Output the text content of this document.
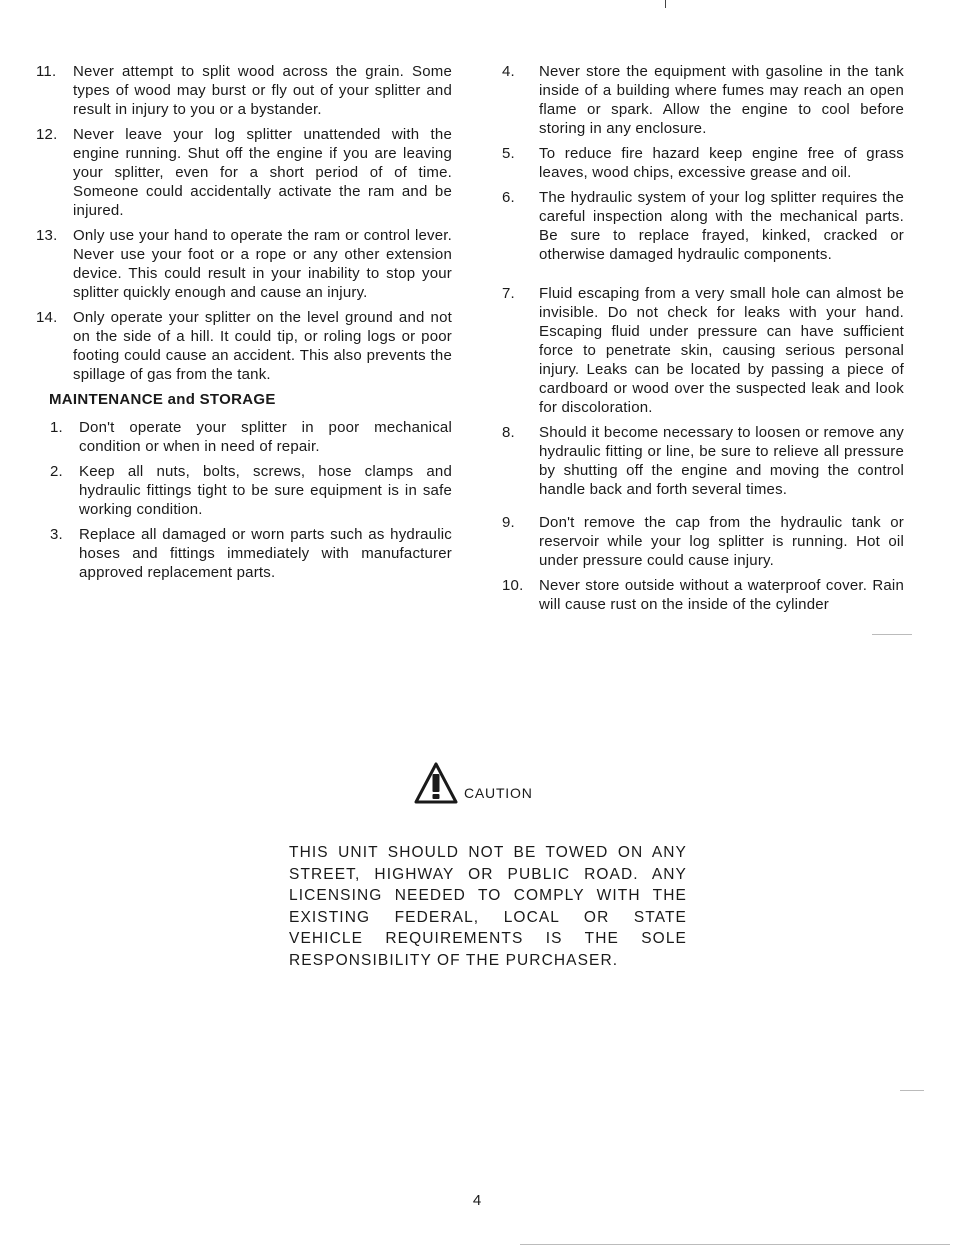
11.	Never attempt to split wood across the grain. Some types of wood may burst or fly out of your splitter and result in injury to you or a bystander.
12.	Never leave your log splitter unattended with the engine running. Shut off the engine if you are leaving your splitter, even for a short period of of time. Someone could accidentally activate the ram and be injured.
13.	Only use your hand to operate the ram or control lever. Never use your foot or a rope or any other extension device. This could result in your inability to stop your splitter quickly enough and cause an injury.
14.	Only operate your splitter on the level ground and not on the side of a hill. It could tip, or roling logs or poor footing could cause an accident. This also prevents the spillage of gas from the tank.
MAINTENANCE and STORAGE
1.	Don't operate your splitter in poor mechanical condition or when in need of repair.
2.	Keep all nuts, bolts, screws, hose clamps and hydraulic fittings tight to be sure equipment is in safe working condition.
3.	Replace all damaged or worn parts such as hydraulic hoses and fittings immediately with manufacturer approved replacement parts.
4.	Never store the equipment with gasoline in the tank inside of a building where fumes may reach an open flame or spark. Allow the engine to cool before storing in any enclosure.
5.	To reduce fire hazard keep engine free of grass leaves, wood chips, excessive grease and oil.
6.	The hydraulic system of your log splitter requires the careful inspection along with the mechanical parts. Be sure to replace frayed, kinked, cracked or otherwise damaged hydraulic components.
7.	Fluid escaping from a very small hole can almost be invisible. Do not check for leaks with your hand. Escaping fluid under pressure can have sufficient force to penetrate skin, causing serious personal injury. Leaks can be located by passing a piece of cardboard or wood over the suspected leak and look for discoloration.
8.	Should it become necessary to loosen or remove any hydraulic fitting or line, be sure to relieve all pressure by shutting off the engine and moving the control handle back and forth several times.
9.	Don't remove the cap from the hydraulic tank or reservoir while your log splitter is running. Hot oil under pressure could cause injury.
10.	Never store outside without a waterproof cover. Rain will cause rust on the inside of the cylinder
CAUTION
THIS UNIT SHOULD NOT BE TOWED ON ANY STREET, HIGHWAY OR PUBLIC ROAD. ANY LICENSING NEEDED TO COMPLY WITH THE EXISTING FEDERAL, LOCAL OR STATE VEHICLE REQUIREMENTS IS THE SOLE RESPONSIBILITY OF THE PURCHASER.
4
